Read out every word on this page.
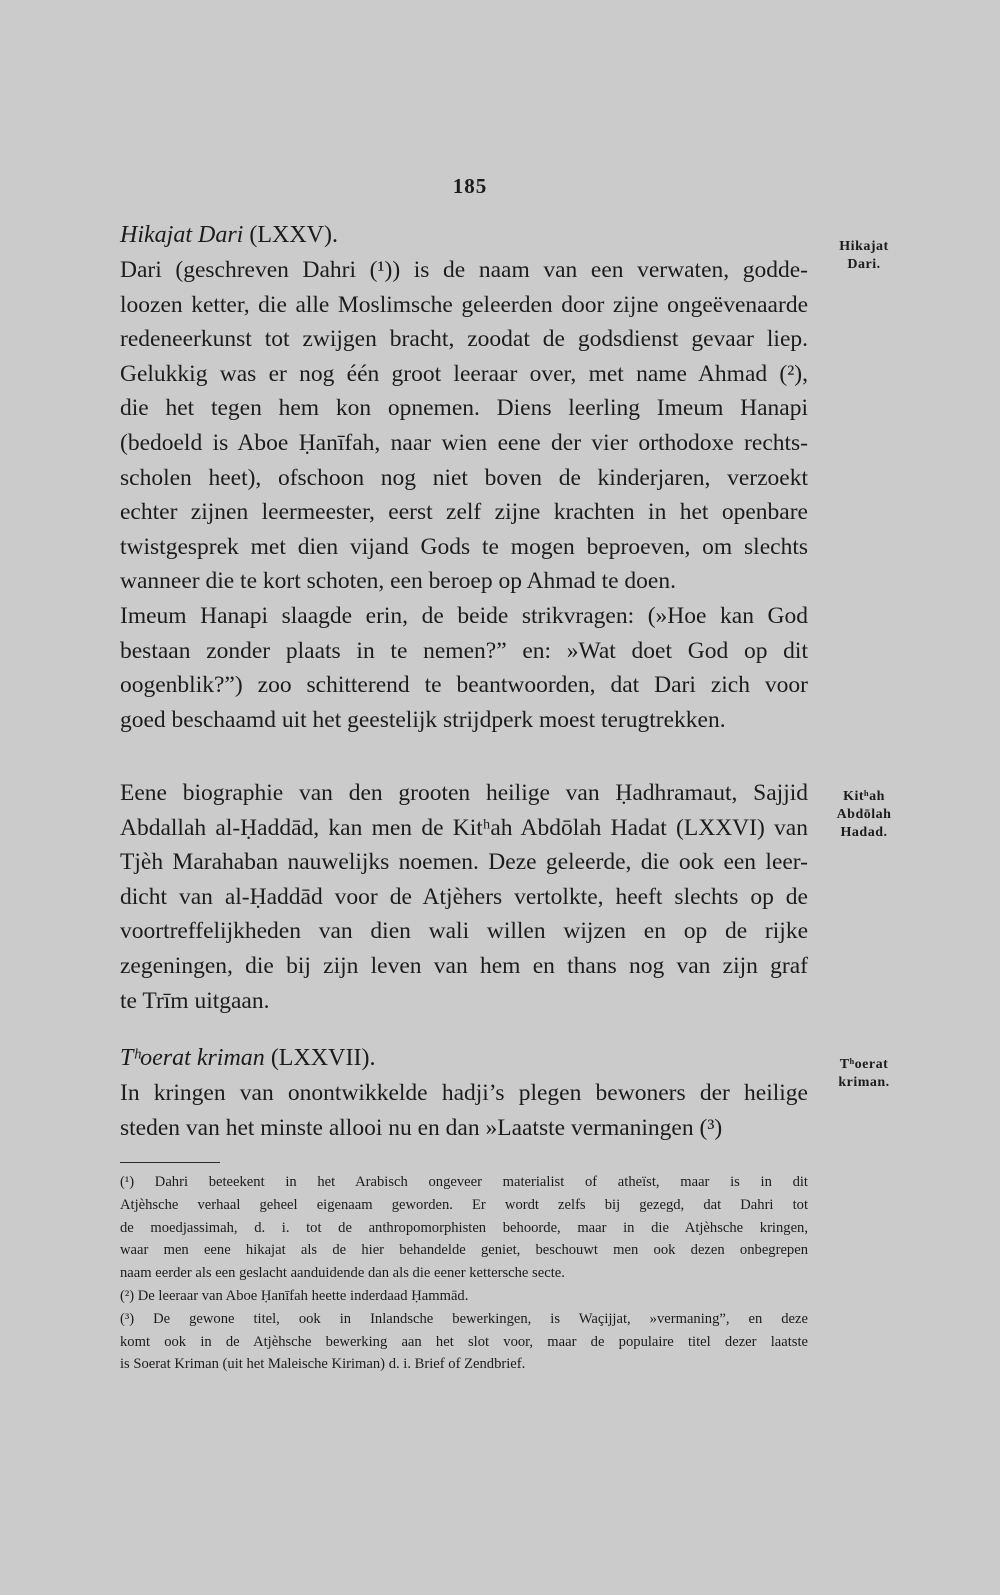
185
Hikajat Dari (LXXV).
Dari (geschreven Dahri (¹)) is de naam van een verwaten, godde-
loozen ketter, die alle Moslimsche geleerden door zijne ongeëvenaarde
redeneerkunst tot zwijgen bracht, zoodat de godsdienst gevaar liep.
Gelukkig was er nog één groot leeraar over, met name Ahmad (²),
die het tegen hem kon opnemen. Diens leerling Imeum Hanapi
(bedoeld is Aboe Ḥanīfah, naar wien eene der vier orthodoxe rechts-
scholen heet), ofschoon nog niet boven de kinderjaren, verzoekt
echter zijnen leermeester, eerst zelf zijne krachten in het openbare
twistgesprek met dien vijand Gods te mogen beproeven, om slechts
wanneer die te kort schoten, een beroep op Ahmad te doen.
Imeum Hanapi slaagde erin, de beide strikvragen: (»Hoe kan God
bestaan zonder plaats in te nemen?” en: »Wat doet God op dit
oogenblik?”) zoo schitterend te beantwoorden, dat Dari zich voor
goed beschaamd uit het geestelijk strijdperk moest terugtrekken.
Hikajat
Dari.
Eene biographie van den grooten heilige van Ḥadhramaut, Sajjid
Abdallah al-Ḥaddād, kan men de Kitʰah Abdōlah Hadat (LXXVI) van
Tjèh Marahaban nauwelijks noemen. Deze geleerde, die ook een leer-
dicht van al-Ḥaddād voor de Atjèhers vertolkte, heeft slechts op de
voortreffelijkheden van dien wali willen wijzen en op de rijke
zegeningen, die bij zijn leven van hem en thans nog van zijn graf
te Trīm uitgaan.
Kitʰah
Abdōlah
Hadad.
Tʰoerat kriman (LXXVII).
In kringen van onontwikkelde hadji’s plegen bewoners der heilige
steden van het minste allooi nu en dan »Laatste vermaningen (³)
Tʰoerat
kriman.
(¹) Dahri beteekent in het Arabisch ongeveer materialist of atheïst, maar is in dit
Atjèhsche verhaal geheel eigenaam geworden. Er wordt zelfs bij gezegd, dat Dahri tot
de moedjassimah, d. i. tot de anthropomorphisten behoorde, maar in die Atjèhsche kringen,
waar men eene hikajat als de hier behandelde geniet, beschouwt men ook dezen onbegrepen
naam eerder als een geslacht aanduidende dan als die eener kettersche secte.
(²) De leeraar van Aboe Ḥanīfah heette inderdaad Ḥammād.
(³) De gewone titel, ook in Inlandsche bewerkingen, is Waçijjat, »vermaning”, en deze
komt ook in de Atjèhsche bewerking aan het slot voor, maar de populaire titel dezer laatste
is Soerat Kriman (uit het Maleische Kiriman) d. i. Brief of Zendbrief.
